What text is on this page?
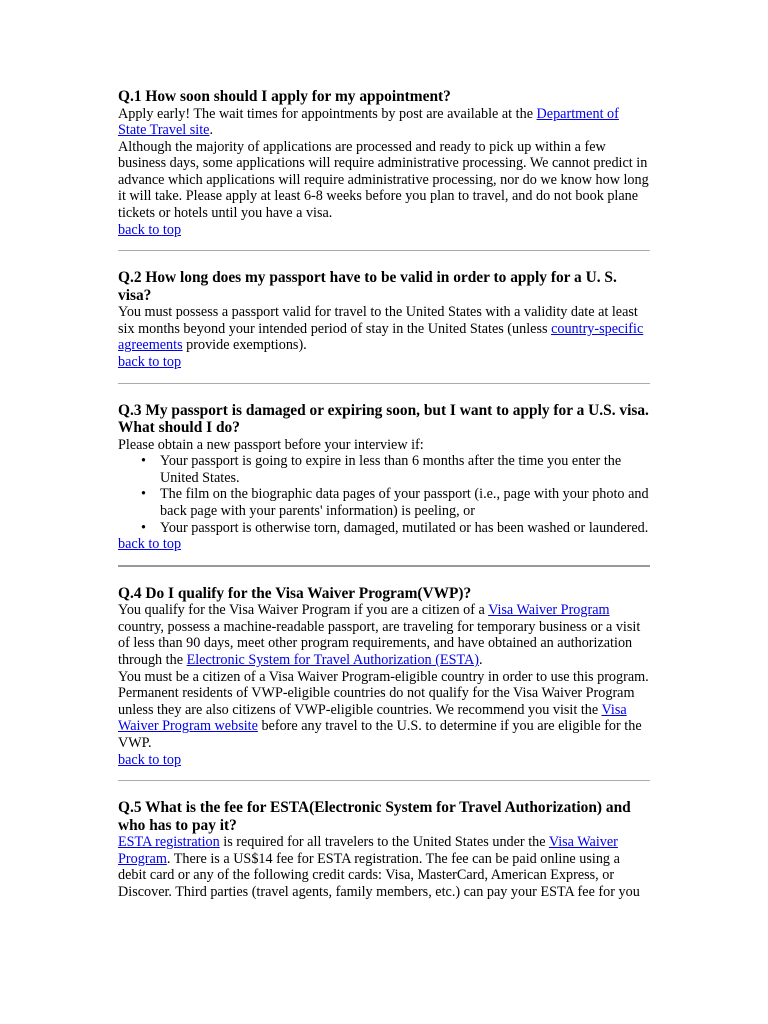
Q.1 How soon should I apply for my appointment?

Apply early! The wait times for appointments by post are available at the Department of State Travel site.

Although the majority of applications are processed and ready to pick up within a few business days, some applications will require administrative processing. We cannot predict in advance which applications will require administrative processing, nor do we know how long it will take. Please apply at least 6-8 weeks before you plan to travel, and do not book plane tickets or hotels until you have a visa.

back to top
Q.2 How long does my passport have to be valid in order to apply for a U. S. visa?

You must possess a passport valid for travel to the United States with a validity date at least six months beyond your intended period of stay in the United States (unless country-specific agreements provide exemptions).

back to top
Q.3 My passport is damaged or expiring soon, but I want to apply for a U.S. visa. What should I do?

Please obtain a new passport before your interview if:

• Your passport is going to expire in less than 6 months after the time you enter the United States.
• The film on the biographic data pages of your passport (i.e., page with your photo and back page with your parents' information) is peeling, or
• Your passport is otherwise torn, damaged, mutilated or has been washed or laundered.
back to top
Q.4 Do I qualify for the Visa Waiver Program(VWP)?

You qualify for the Visa Waiver Program if you are a citizen of a Visa Waiver Program country, possess a machine-readable passport, are traveling for temporary business or a visit of less than 90 days, meet other program requirements, and have obtained an authorization through the Electronic System for Travel Authorization (ESTA).

You must be a citizen of a Visa Waiver Program-eligible country in order to use this program. Permanent residents of VWP-eligible countries do not qualify for the Visa Waiver Program unless they are also citizens of VWP-eligible countries. We recommend you visit the Visa Waiver Program website before any travel to the U.S. to determine if you are eligible for the VWP.

back to top
Q.5 What is the fee for ESTA(Electronic System for Travel Authorization) and who has to pay it?

ESTA registration is required for all travelers to the United States under the Visa Waiver Program. There is a US$14 fee for ESTA registration. The fee can be paid online using a debit card or any of the following credit cards: Visa, MasterCard, American Express, or Discover. Third parties (travel agents, family members, etc.) can pay your ESTA fee for you
